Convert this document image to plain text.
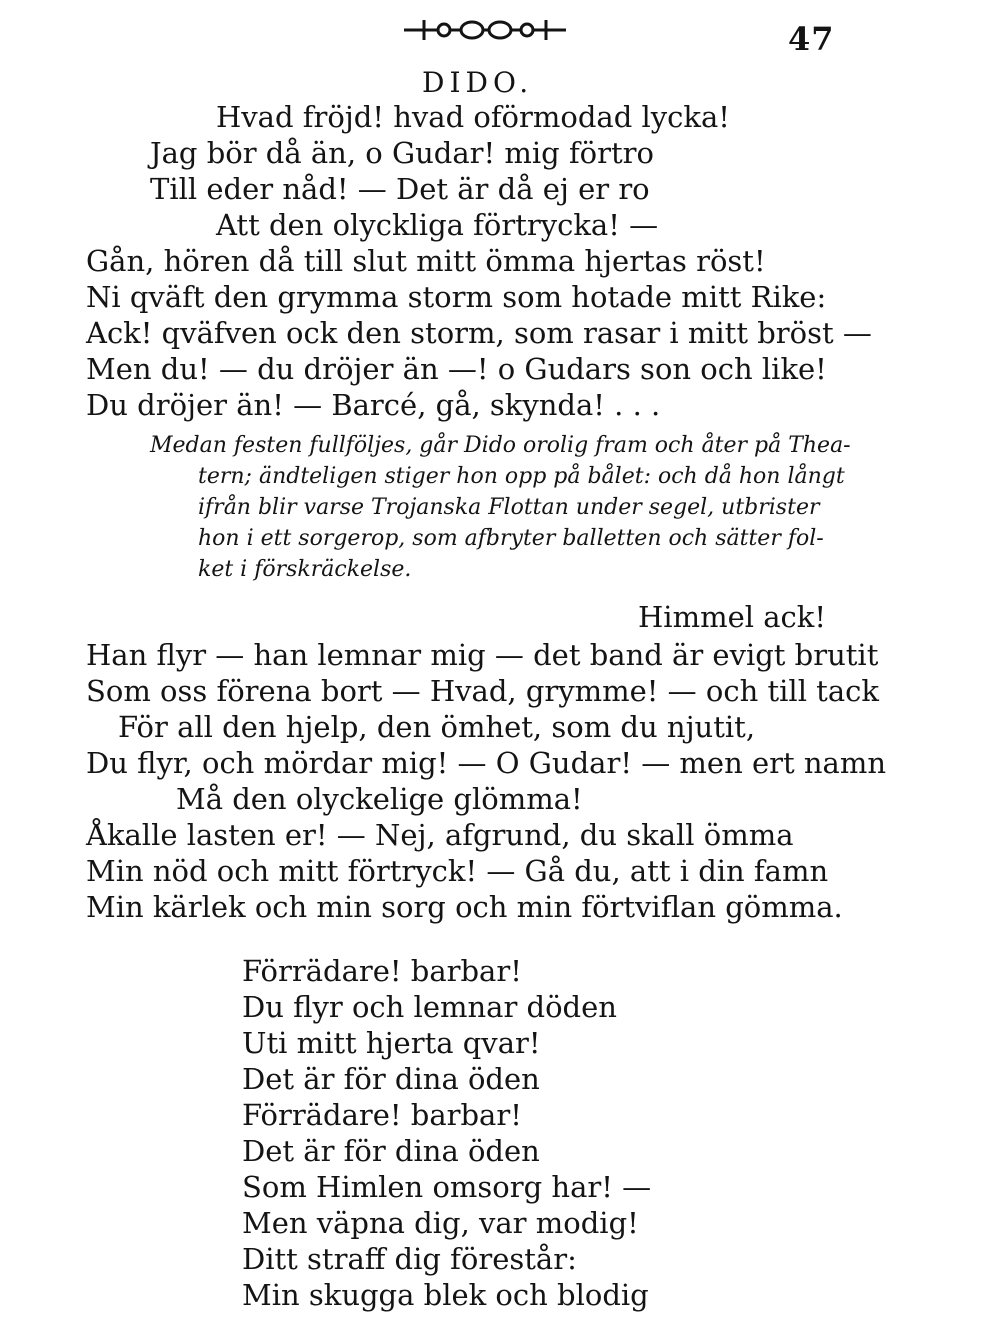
47
DIDO.
Hvad fröjd! hvad oförmodad lycka!
Jag bör då än, o Gudar! mig förtro
Till eder nåd! — Det är då ej er ro
Att den olyckliga förtrycka! —
Gån, hören då till slut mitt ömma hjertas röst!
Ni qväft den grymma storm som hotade mitt Rike:
Ack! qväfven ock den storm, som rasar i mitt bröst —
Men du! — du dröjer än —! o Gudars son och like!
Du dröjer än! — Barcé, gå, skynda! . . .
Medan festen fullföljes, går Dido orolig fram och åter på Thea-
tern; ändteligen stiger hon opp på bålet: och då hon långt
ifrån blir varse Trojanska Flottan under segel, utbrister
hon i ett sorgerop, som afbryter balletten och sätter fol-
ket i förskräckelse.
Himmel ack!
Han flyr — han lemnar mig — det band är evigt brutit
Som oss förena bort — Hvad, grymme! — och till tack
För all den hjelp, den ömhet, som du njutit,
Du flyr, och mördar mig! — O Gudar! — men ert namn
Må den olyckelige glömma!
Åkalle lasten er! — Nej, afgrund, du skall ömma
Min nöd och mitt förtryck! — Gå du, att i din famn
Min kärlek och min sorg och min förtviflan gömma.
Förrädare! barbar!
Du flyr och lemnar döden
Uti mitt hjerta qvar!
Det är för dina öden
Förrädare! barbar!
Det är för dina öden
Som Himlen omsorg har! —
Men väpna dig, var modig!
Ditt straff dig förestår:
Min skugga blek och blodig
